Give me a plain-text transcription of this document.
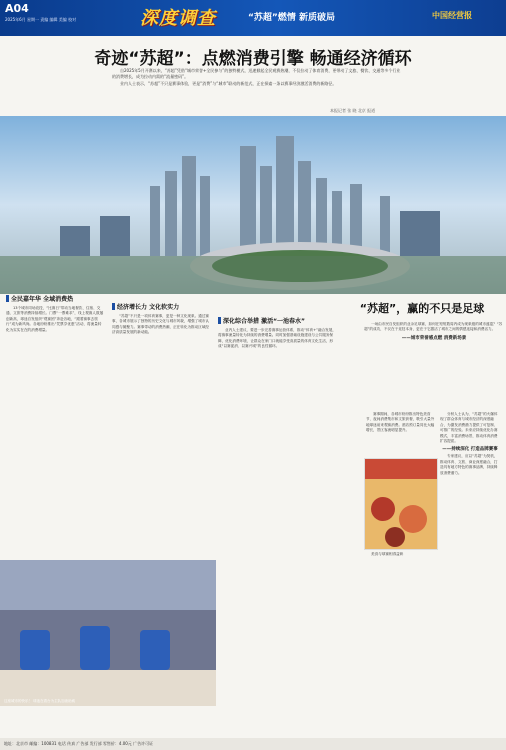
A04
2025年6月 星期一 责编 编辑 美编 校对	深度调查	“苏超”燃情 新质破局	中国经营报
奇迹“苏超”：点燃消费引擎 畅通经济循环

自2025年5月开赛以来，“苏超”凭借“城市荣誉+全民参与”的独特模式，迅速掀起全民观赛热潮，不仅拉动了体育消费，更带动了文旅、餐饮、交通等多个行业的消费增长，成为拉动内需的“流量密码”。

业内人士表示，“苏超”不只是赛事体验，更是“消费”与“城市”联动的新范式，正在探索一条以赛事经济激活消费的新路径。

本报记者 张 晓 北京 报道
全民嘉年华 全域消费热

13个城市同场竞技，“比赛日”带动当地餐饮、住宿、交通、文旅等消费持续增长。门票“一票难求”，线上观赛人数屡创新高，球迷自发组织“观赛团”奔赴各地，“跟着赛事去旅行”成为新风尚。各地纷纷推出“凭票享优惠”活动，将流量转化为实实在在的消费增量。

经济增长力 文化软实力

“苏超”不只是一项体育赛事，更是一种文化现象。通过赛事，各城市展示了独特的历史文化与城市风貌，增强了城市认同感与凝聚力。赛事带动的消费热潮，正在转化为推动区域经济高质量发展的新动能。

深化综合举措 激活“一池春水”

业内人士建议，要进一步完善赛事运营体系，推动“体育+”融合发展，将赛事流量转化为持续的消费增量。同时加强基础设施建设与公共服务保障，优化消费环境，让群众在家门口就能享受高质量的体育文化生活，形成“以赛促消、以赛兴城”的良性循环。

“苏超”，赢的不只是足球

一场由市民自发组织的业余足球赛，如何在短短数周内成为现象级的城市盛宴？“苏超”的成功，不仅在于竞技本身，更在于它激活了城市之间的情感连接和消费活力。

——城市荣誉感点燃 消费新场景

赛事期间，各城市纷纷推出特色美食节、夜间消费集市和文旅套餐，吸引大量外地球迷前来观赛消费。酒店预订量同比大幅增长，景区客流明显提升。

分析人士认为，“苏超”的火爆体现了群众体育与城市经济的深度融合，为激发消费潜力提供了可复制、可推广的经验。未来应持续优化办赛模式，丰富消费场景，推动体育消费扩容提质。

——持续深化 打造品牌赛事

专家建议，应以“苏超”为契机，推动体育、文旅、商业深度融合，打造具有地方特色的赛事品牌，持续释放消费潜力。

美食与球赛相得益彰

这座城市的快乐！ 球迷在看台为主队加油助威
地址：北京市 邮编：100831 电话 传真 广告部 发行部 零售价：4.00元 广告许可证
